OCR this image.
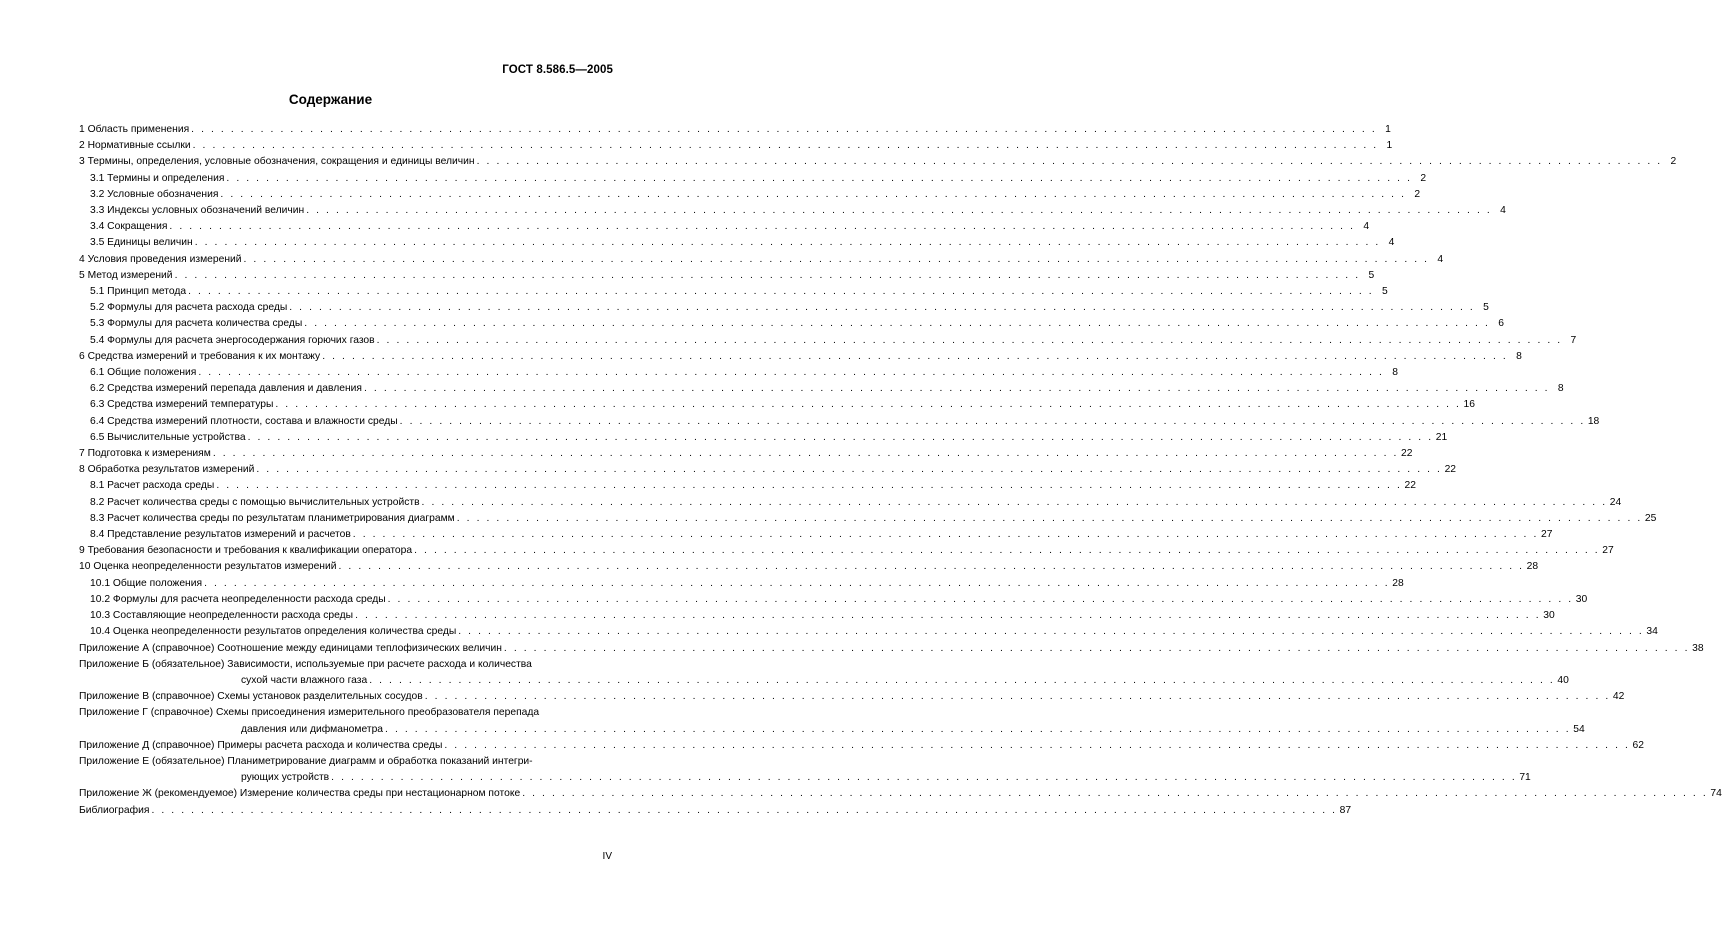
ГОСТ 8.586.5—2005
Содержание
1 Область применения . . . . . . . . . . . . . . . . . . . . . . . . . . . . . . . . . . . . . . . . . . . . . . . . . . . . . . . . . . . . . . . . . . . . . . . . . . . . . . . . . . . . . . . . . . . . . . . . . . . . . . . . . . . . . . . . . . . . . . . . 1
2 Нормативные ссылки . . . . . . . . . . . . . . . . . . . . . . . . . . . . . . . . . . . . . . . . . . . . . . . . . . . . . . . . . . . . . . . . . . . . . . . . . . . . . . . . . . . . . . . . . . . . . . . . . . . . . . . . . . . . . . . . . . . . . . . . 1
3 Термины, определения, условные обозначения, сокращения и единицы величин . . . . . . . . . . . . . . . . . . . . . . . . . . . . . . . . . . . . . . . . . . . . . . . . . . . . . . . . . . . . . . . . . . . . . . . . . . . . . . . . . . . . . . . . . . . . . . . . . . . . . . . . . . . . . . . . . . . . . . . . 2
3.1 Термины и определения . . . . . . . . . . . . . . . . . . . . . . . . . . . . . . . . . . . . . . . . . . . . . . . . . . . . . . . . . . . . . . . . . . . . . . . . . . . . . . . . . . . . . . . . . . . . . . . . . . . . . . . . . . . . . . . . . . . . . . . . 2
3.2 Условные обозначения . . . . . . . . . . . . . . . . . . . . . . . . . . . . . . . . . . . . . . . . . . . . . . . . . . . . . . . . . . . . . . . . . . . . . . . . . . . . . . . . . . . . . . . . . . . . . . . . . . . . . . . . . . . . . . . . . . . . . . . . 2
3.3 Индексы условных обозначений величин . . . . . . . . . . . . . . . . . . . . . . . . . . . . . . . . . . . . . . . . . . . . . . . . . . . . . . . . . . . . . . . . . . . . . . . . . . . . . . . . . . . . . . . . . . . . . . . . . . . . . . . . . . . . . . . . . . . . . . . . 4
3.4 Сокращения . . . . . . . . . . . . . . . . . . . . . . . . . . . . . . . . . . . . . . . . . . . . . . . . . . . . . . . . . . . . . . . . . . . . . . . . . . . . . . . . . . . . . . . . . . . . . . . . . . . . . . . . . . . . . . . . . . . . . . . . 4
3.5 Единицы величин . . . . . . . . . . . . . . . . . . . . . . . . . . . . . . . . . . . . . . . . . . . . . . . . . . . . . . . . . . . . . . . . . . . . . . . . . . . . . . . . . . . . . . . . . . . . . . . . . . . . . . . . . . . . . . . . . . . . . . . . 4
4 Условия проведения измерений . . . . . . . . . . . . . . . . . . . . . . . . . . . . . . . . . . . . . . . . . . . . . . . . . . . . . . . . . . . . . . . . . . . . . . . . . . . . . . . . . . . . . . . . . . . . . . . . . . . . . . . . . . . . . . . . . . . . . . . . 4
5 Метод измерений . . . . . . . . . . . . . . . . . . . . . . . . . . . . . . . . . . . . . . . . . . . . . . . . . . . . . . . . . . . . . . . . . . . . . . . . . . . . . . . . . . . . . . . . . . . . . . . . . . . . . . . . . . . . . . . . . . . . . . . . 5
5.1 Принцип метода . . . . . . . . . . . . . . . . . . . . . . . . . . . . . . . . . . . . . . . . . . . . . . . . . . . . . . . . . . . . . . . . . . . . . . . . . . . . . . . . . . . . . . . . . . . . . . . . . . . . . . . . . . . . . . . . . . . . . . . . 5
5.2 Формулы для расчета расхода среды . . . . . . . . . . . . . . . . . . . . . . . . . . . . . . . . . . . . . . . . . . . . . . . . . . . . . . . . . . . . . . . . . . . . . . . . . . . . . . . . . . . . . . . . . . . . . . . . . . . . . . . . . . . . . . . . . . . . . . . . 5
5.3 Формулы для расчета количества среды . . . . . . . . . . . . . . . . . . . . . . . . . . . . . . . . . . . . . . . . . . . . . . . . . . . . . . . . . . . . . . . . . . . . . . . . . . . . . . . . . . . . . . . . . . . . . . . . . . . . . . . . . . . . . . . . . . . . . . . . 6
5.4 Формулы для расчета энергосодержания горючих газов . . . . . . . . . . . . . . . . . . . . . . . . . . . . . . . . . . . . . . . . . . . . . . . . . . . . . . . . . . . . . . . . . . . . . . . . . . . . . . . . . . . . . . . . . . . . . . . . . . . . . . . . . . . . . . . . . . . . . . . . 7
6 Средства измерений и требования к их монтажу . . . . . . . . . . . . . . . . . . . . . . . . . . . . . . . . . . . . . . . . . . . . . . . . . . . . . . . . . . . . . . . . . . . . . . . . . . . . . . . . . . . . . . . . . . . . . . . . . . . . . . . . . . . . . . . . . . . . . . . . 8
6.1 Общие положения . . . . . . . . . . . . . . . . . . . . . . . . . . . . . . . . . . . . . . . . . . . . . . . . . . . . . . . . . . . . . . . . . . . . . . . . . . . . . . . . . . . . . . . . . . . . . . . . . . . . . . . . . . . . . . . . . . . . . . . . 8
6.2 Средства измерений перепада давления и давления . . . . . . . . . . . . . . . . . . . . . . . . . . . . . . . . . . . . . . . . . . . . . . . . . . . . . . . . . . . . . . . . . . . . . . . . . . . . . . . . . . . . . . . . . . . . . . . . . . . . . . . . . . . . . . . . . . . . . . . . 8
6.3 Средства измерений температуры . . . . . . . . . . . . . . . . . . . . . . . . . . . . . . . . . . . . . . . . . . . . . . . . . . . . . . . . . . . . . . . . . . . . . . . . . . . . . . . . . . . . . . . . . . . . . . . . . . . . . . . . . . . . . . . . . . . . . . . . 16
6.4 Средства измерений плотности, состава и влажности среды . . . . . . . . . . . . . . . . . . . . . . . . . . . . . . . . . . . . . . . . . . . . . . . . . . . . . . . . . . . . . . . . . . . . . . . . . . . . . . . . . . . . . . . . . . . . . . . . . . . . . . . . . . . . . . . . . . . . . . . . 18
6.5 Вычислительные устройства . . . . . . . . . . . . . . . . . . . . . . . . . . . . . . . . . . . . . . . . . . . . . . . . . . . . . . . . . . . . . . . . . . . . . . . . . . . . . . . . . . . . . . . . . . . . . . . . . . . . . . . . . . . . . . . . . . . . . . . . 21
7 Подготовка к измерениям . . . . . . . . . . . . . . . . . . . . . . . . . . . . . . . . . . . . . . . . . . . . . . . . . . . . . . . . . . . . . . . . . . . . . . . . . . . . . . . . . . . . . . . . . . . . . . . . . . . . . . . . . . . . . . . . . . . . . . . . 22
8 Обработка результатов измерений . . . . . . . . . . . . . . . . . . . . . . . . . . . . . . . . . . . . . . . . . . . . . . . . . . . . . . . . . . . . . . . . . . . . . . . . . . . . . . . . . . . . . . . . . . . . . . . . . . . . . . . . . . . . . . . . . . . . . . . . 22
8.1 Расчет расхода среды . . . . . . . . . . . . . . . . . . . . . . . . . . . . . . . . . . . . . . . . . . . . . . . . . . . . . . . . . . . . . . . . . . . . . . . . . . . . . . . . . . . . . . . . . . . . . . . . . . . . . . . . . . . . . . . . . . . . . . . . 22
8.2 Расчет количества среды с помощью вычислительных устройств . . . . . . . . . . . . . . . . . . . . . . . . . . . . . . . . . . . . . . . . . . . . . . . . . . . . . . . . . . . . . . . . . . . . . . . . . . . . . . . . . . . . . . . . . . . . . . . . . . . . . . . . . . . . . . . . . . . . . . . . 24
8.3 Расчет количества среды по результатам планиметрирования диаграмм . . . . . . . . . . . . . . . . . . . . . . . . . . . . . . . . . . . . . . . . . . . . . . . . . . . . . . . . . . . . . . . . . . . . . . . . . . . . . . . . . . . . . . . . . . . . . . . . . . . . . . . . . . . . . . . . . . . . . . . . 25
8.4 Представление результатов измерений и расчетов . . . . . . . . . . . . . . . . . . . . . . . . . . . . . . . . . . . . . . . . . . . . . . . . . . . . . . . . . . . . . . . . . . . . . . . . . . . . . . . . . . . . . . . . . . . . . . . . . . . . . . . . . . . . . . . . . . . . . . . . 27
9 Требования безопасности и требования к квалификации оператора . . . . . . . . . . . . . . . . . . . . . . . . . . . . . . . . . . . . . . . . . . . . . . . . . . . . . . . . . . . . . . . . . . . . . . . . . . . . . . . . . . . . . . . . . . . . . . . . . . . . . . . . . . . . . . . . . . . . . . . . 27
10 Оценка неопределенности результатов измерений . . . . . . . . . . . . . . . . . . . . . . . . . . . . . . . . . . . . . . . . . . . . . . . . . . . . . . . . . . . . . . . . . . . . . . . . . . . . . . . . . . . . . . . . . . . . . . . . . . . . . . . . . . . . . . . . . . . . . . . . 28
10.1 Общие положения . . . . . . . . . . . . . . . . . . . . . . . . . . . . . . . . . . . . . . . . . . . . . . . . . . . . . . . . . . . . . . . . . . . . . . . . . . . . . . . . . . . . . . . . . . . . . . . . . . . . . . . . . . . . . . . . . . . . . . . . 28
10.2 Формулы для расчета неопределенности расхода среды . . . . . . . . . . . . . . . . . . . . . . . . . . . . . . . . . . . . . . . . . . . . . . . . . . . . . . . . . . . . . . . . . . . . . . . . . . . . . . . . . . . . . . . . . . . . . . . . . . . . . . . . . . . . . . . . . . . . . . . . 30
10.3 Составляющие неопределенности расхода среды . . . . . . . . . . . . . . . . . . . . . . . . . . . . . . . . . . . . . . . . . . . . . . . . . . . . . . . . . . . . . . . . . . . . . . . . . . . . . . . . . . . . . . . . . . . . . . . . . . . . . . . . . . . . . . . . . . . . . . . . 30
10.4 Оценка неопределенности результатов определения количества среды . . . . . . . . . . . . . . . . . . . . . . . . . . . . . . . . . . . . . . . . . . . . . . . . . . . . . . . . . . . . . . . . . . . . . . . . . . . . . . . . . . . . . . . . . . . . . . . . . . . . . . . . . . . . . . . . . . . . . . . . 34
Приложение А (справочное) Соотношение между единицами теплофизических величин . . . . . . . . . . . . . . . . . . . . . . . . . . . . . . . . . . . . . . . . . . . . . . . . . . . . . . . . . . . . . . . . . . . . . . . . . . . . . . . . . . . . . . . . . . . . . . . . . . . . . . . . . . . . . . . . . . . . . . . . 38
Приложение Б (обязательное) Зависимости, используемые при расчете расхода и количества
сухой части влажного газа . . . . . . . . . . . . . . . . . . . . . . . . . . . . . . . . . . . . . . . . . . . . . . . . . . . . . . . . . . . . . . . . . . . . . . . . . . . . . . . . . . . . . . . . . . . . . . . . . . . . . . . . . . . . . . . . . . . . . . . . 40
Приложение В (справочное) Схемы установок разделительных сосудов . . . . . . . . . . . . . . . . . . . . . . . . . . . . . . . . . . . . . . . . . . . . . . . . . . . . . . . . . . . . . . . . . . . . . . . . . . . . . . . . . . . . . . . . . . . . . . . . . . . . . . . . . . . . . . . . . . . . . . . . 42
Приложение Г (справочное) Схемы присоединения измерительного преобразователя перепада
давления или дифманометра . . . . . . . . . . . . . . . . . . . . . . . . . . . . . . . . . . . . . . . . . . . . . . . . . . . . . . . . . . . . . . . . . . . . . . . . . . . . . . . . . . . . . . . . . . . . . . . . . . . . . . . . . . . . . . . . . . . . . . . . 54
Приложение Д (справочное) Примеры расчета расхода и количества среды . . . . . . . . . . . . . . . . . . . . . . . . . . . . . . . . . . . . . . . . . . . . . . . . . . . . . . . . . . . . . . . . . . . . . . . . . . . . . . . . . . . . . . . . . . . . . . . . . . . . . . . . . . . . . . . . . . . . . . . . 62
Приложение Е (обязательное) Планиметрирование диаграмм и обработка показаний интегри-
рующих устройств . . . . . . . . . . . . . . . . . . . . . . . . . . . . . . . . . . . . . . . . . . . . . . . . . . . . . . . . . . . . . . . . . . . . . . . . . . . . . . . . . . . . . . . . . . . . . . . . . . . . . . . . . . . . . . . . . . . . . . . . 71
Приложение Ж (рекомендуемое) Измерение количества среды при нестационарном потоке . . . . . . . . . . . . . . . . . . . . . . . . . . . . . . . . . . . . . . . . . . . . . . . . . . . . . . . . . . . . . . . . . . . . . . . . . . . . . . . . . . . . . . . . . . . . . . . . . . . . . . . . . . . . . . . . . . . . . . . . 74
Библиография . . . . . . . . . . . . . . . . . . . . . . . . . . . . . . . . . . . . . . . . . . . . . . . . . . . . . . . . . . . . . . . . . . . . . . . . . . . . . . . . . . . . . . . . . . . . . . . . . . . . . . . . . . . . . . . . . . . . . . . . 87
IV
